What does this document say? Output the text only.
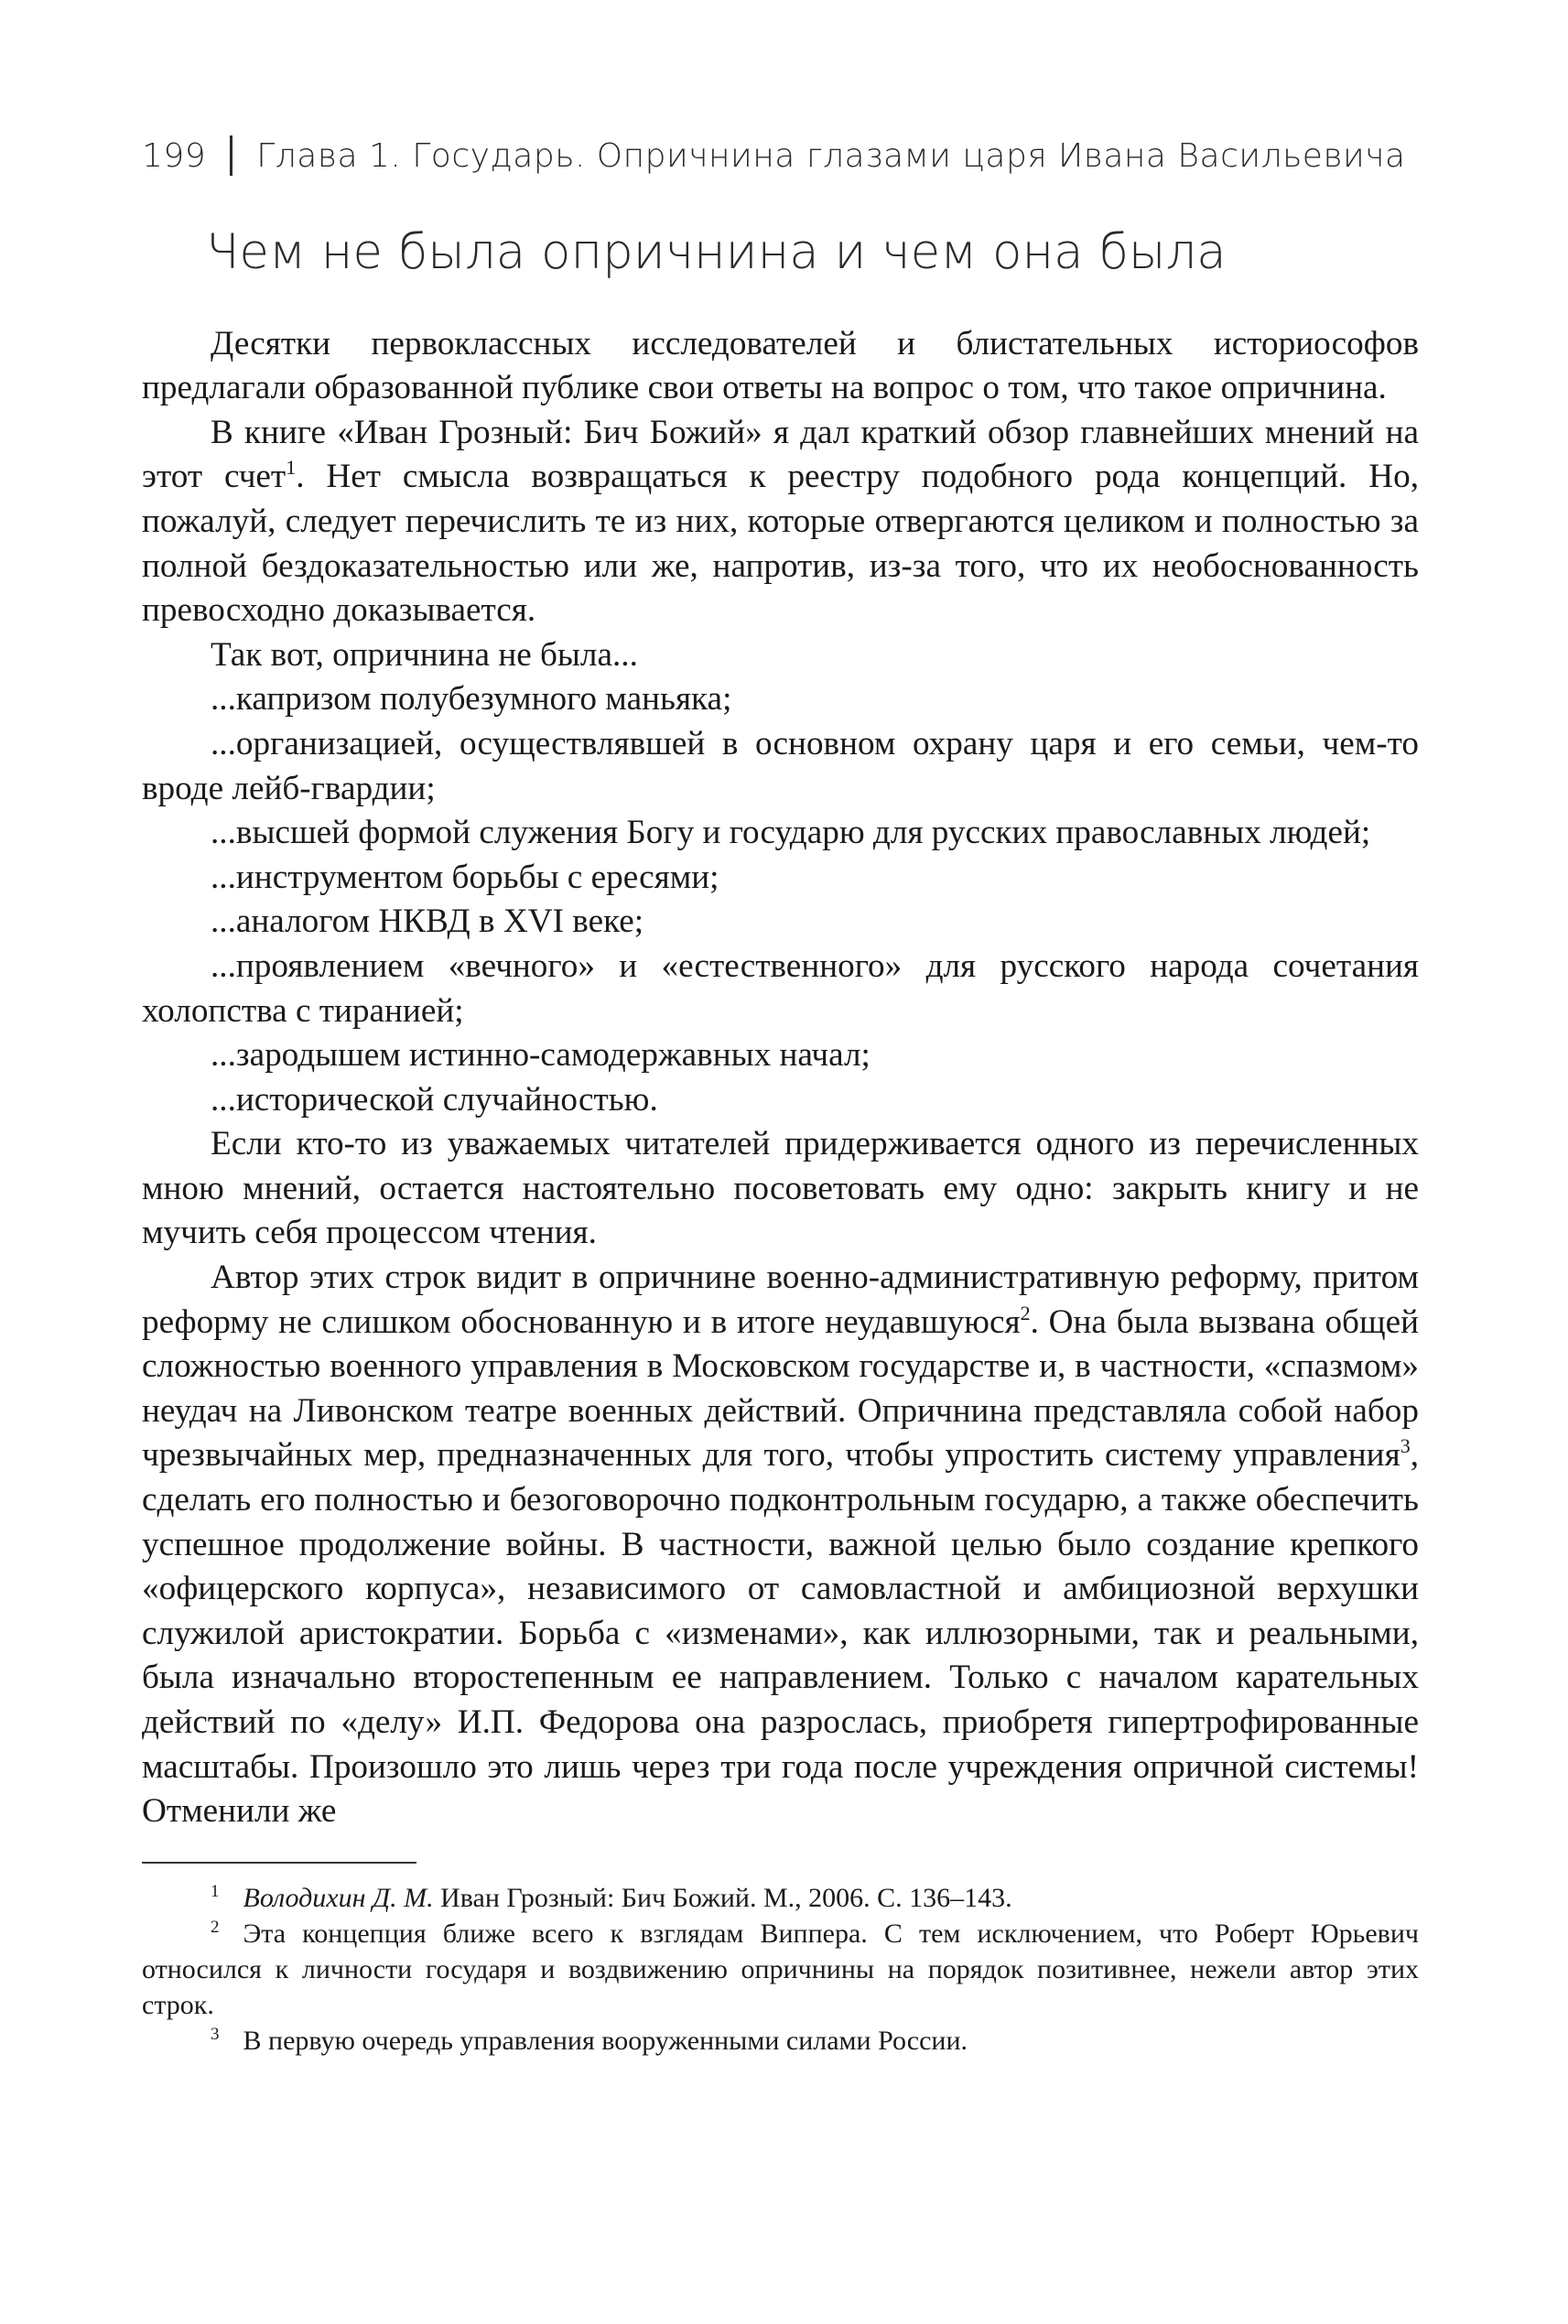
199 Глава 1. Государь. Опричнина глазами царя Ивана Васильевича
Чем не была опричнина и чем она была

Десятки первоклассных исследователей и блистательных историософов предлагали образованной публике свои ответы на вопрос о том, что такое опричнина.

В книге «Иван Грозный: Бич Божий» я дал краткий обзор главнейших мнений на этот счет$^1$. Нет смысла возвращаться к реестру подобного рода концепций. Но, пожалуй, следует перечислить те из них, которые отвергаются целиком и полностью за полной бездоказательностью или же, напротив, из-за того, что их необоснованность превосходно доказывается.

Так вот, опричнина не была...

...капризом полубезумного маньяка;

...организацией, осуществлявшей в основном охрану царя и его семьи, чем-то вроде лейб-гвардии;

...высшей формой служения Богу и государю для русских православных людей;

...инструментом борьбы с ересями;

...аналогом НКВД в XVI веке;

...проявлением «вечного» и «естественного» для русского народа сочетания холопства с тиранией;

...зародышем истинно-самодержавных начал;

...исторической случайностью.

Если кто-то из уважаемых читателей придерживается одного из перечисленных мною мнений, остается настоятельно посоветовать ему одно: закрыть книгу и не мучить себя процессом чтения.

Автор этих строк видит в опричнине военно-административную реформу, притом реформу не слишком обоснованную и в итоге неудавшуюся$^2$. Она была вызвана общей сложностью военного управления в Московском государстве и, в частности, «спазмом» неудач на Ливонском театре военных действий. Опричнина представляла собой набор чрезвычайных мер, предназначенных для того, чтобы упростить систему управления$^3$, сделать его полностью и безоговорочно подконтрольным государю, а также обеспечить успешное продолжение войны. В частности, важной целью было создание крепкого «офицерского корпуса», независимого от самовластной и амбициозной верхушки служилой аристократии. Борьба с «изменами», как иллюзорными, так и реальными, была изначально второстепенным ее направлением. Только с началом карательных действий по «делу» И.П. Федорова она разрослась, приобретя гипертрофированные масштабы. Произошло это лишь через три года после учреждения опричной системы! Отменили же

$^1$ Володихин Д. М. Иван Грозный: Бич Божий. М., 2006. С. 136–143.

$^2$ Эта концепция ближе всего к взглядам Виппера. С тем исключением, что Роберт Юрьевич относился к личности государя и воздвижению опричнины на порядок позитивнее, нежели автор этих строк.

$^3$ В первую очередь управления вооруженными силами России.
